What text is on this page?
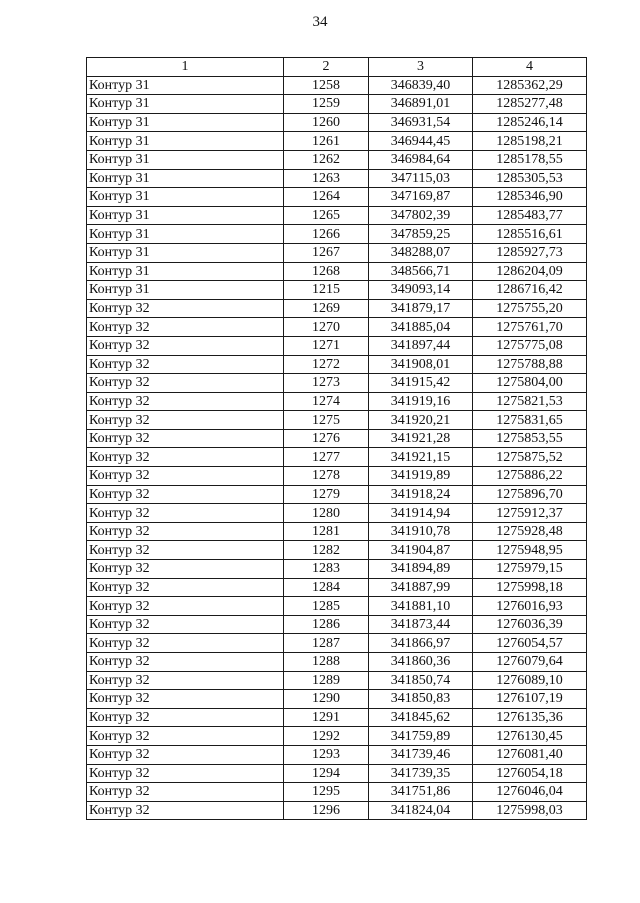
34
1	2	3	4
Контур 31	1258	346839,40	1285362,29
Контур 31	1259	346891,01	1285277,48
Контур 31	1260	346931,54	1285246,14
Контур 31	1261	346944,45	1285198,21
Контур 31	1262	346984,64	1285178,55
Контур 31	1263	347115,03	1285305,53
Контур 31	1264	347169,87	1285346,90
Контур 31	1265	347802,39	1285483,77
Контур 31	1266	347859,25	1285516,61
Контур 31	1267	348288,07	1285927,73
Контур 31	1268	348566,71	1286204,09
Контур 31	1215	349093,14	1286716,42
Контур 32	1269	341879,17	1275755,20
Контур 32	1270	341885,04	1275761,70
Контур 32	1271	341897,44	1275775,08
Контур 32	1272	341908,01	1275788,88
Контур 32	1273	341915,42	1275804,00
Контур 32	1274	341919,16	1275821,53
Контур 32	1275	341920,21	1275831,65
Контур 32	1276	341921,28	1275853,55
Контур 32	1277	341921,15	1275875,52
Контур 32	1278	341919,89	1275886,22
Контур 32	1279	341918,24	1275896,70
Контур 32	1280	341914,94	1275912,37
Контур 32	1281	341910,78	1275928,48
Контур 32	1282	341904,87	1275948,95
Контур 32	1283	341894,89	1275979,15
Контур 32	1284	341887,99	1275998,18
Контур 32	1285	341881,10	1276016,93
Контур 32	1286	341873,44	1276036,39
Контур 32	1287	341866,97	1276054,57
Контур 32	1288	341860,36	1276079,64
Контур 32	1289	341850,74	1276089,10
Контур 32	1290	341850,83	1276107,19
Контур 32	1291	341845,62	1276135,36
Контур 32	1292	341759,89	1276130,45
Контур 32	1293	341739,46	1276081,40
Контур 32	1294	341739,35	1276054,18
Контур 32	1295	341751,86	1276046,04
Контур 32	1296	341824,04	1275998,03
